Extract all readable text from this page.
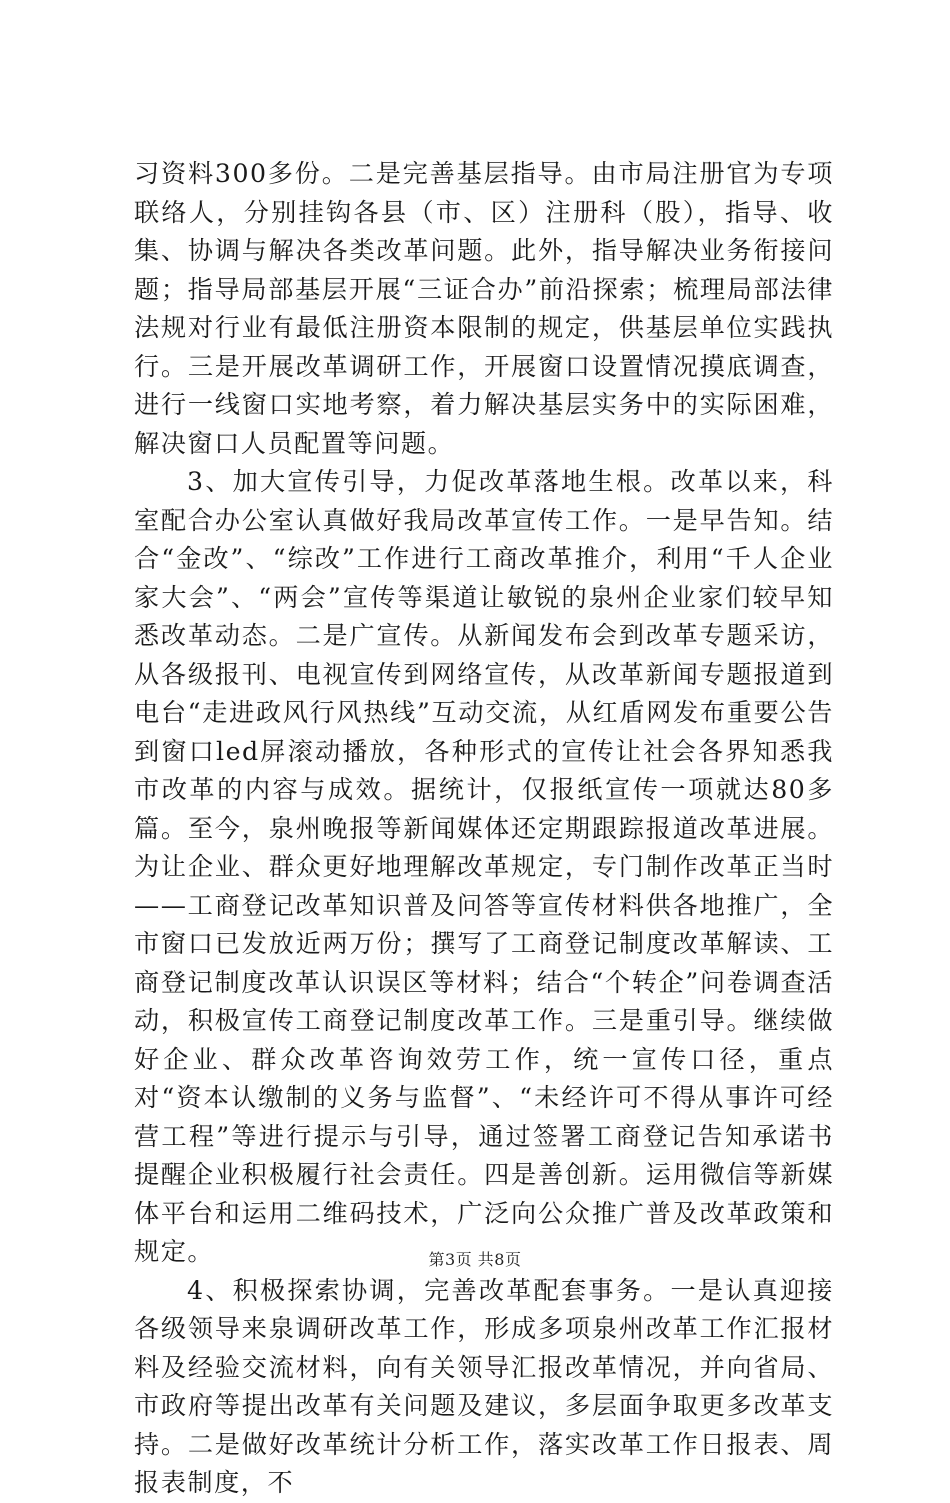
习资料300多份。二是完善基层指导。由市局注册官为专项联络人，分别挂钩各县（市、区）注册科（股），指导、收集、协调与解决各类改革问题。此外，指导解决业务衔接问题；指导局部基层开展“三证合办”前沿探索；梳理局部法律法规对行业有最低注册资本限制的规定，供基层单位实践执行。三是开展改革调研工作，开展窗口设置情况摸底调查，进行一线窗口实地考察，着力解决基层实务中的实际困难，解决窗口人员配置等问题。

3、加大宣传引导，力促改革落地生根。改革以来，科室配合办公室认真做好我局改革宣传工作。一是早告知。结合“金改”、“综改”工作进行工商改革推介，利用“千人企业家大会”、“两会”宣传等渠道让敏锐的泉州企业家们较早知悉改革动态。二是广宣传。从新闻发布会到改革专题采访，从各级报刊、电视宣传到网络宣传，从改革新闻专题报道到电台“走进政风行风热线”互动交流，从红盾网发布重要公告到窗口led屏滚动播放，各种形式的宣传让社会各界知悉我市改革的内容与成效。据统计，仅报纸宣传一项就达80多篇。至今，泉州晚报等新闻媒体还定期跟踪报道改革进展。为让企业、群众更好地理解改革规定，专门制作改革正当时——工商登记改革知识普及问答等宣传材料供各地推广，全市窗口已发放近两万份；撰写了工商登记制度改革解读、工商登记制度改革认识误区等材料；结合“个转企”问卷调查活动，积极宣传工商登记制度改革工作。三是重引导。继续做好企业、群众改革咨询效劳工作，统一宣传口径，重点对“资本认缴制的义务与监督”、“未经许可不得从事许可经营工程”等进行提示与引导，通过签署工商登记告知承诺书提醒企业积极履行社会责任。四是善创新。运用微信等新媒体平台和运用二维码技术，广泛向公众推广普及改革政策和规定。

4、积极探索协调，完善改革配套事务。一是认真迎接各级领导来泉调研改革工作，形成多项泉州改革工作汇报材料及经验交流材料，向有关领导汇报改革情况，并向省局、市政府等提出改革有关问题及建议，多层面争取更多改革支持。二是做好改革统计分析工作，落实改革工作日报表、周报表制度，不

第3页 共8页
